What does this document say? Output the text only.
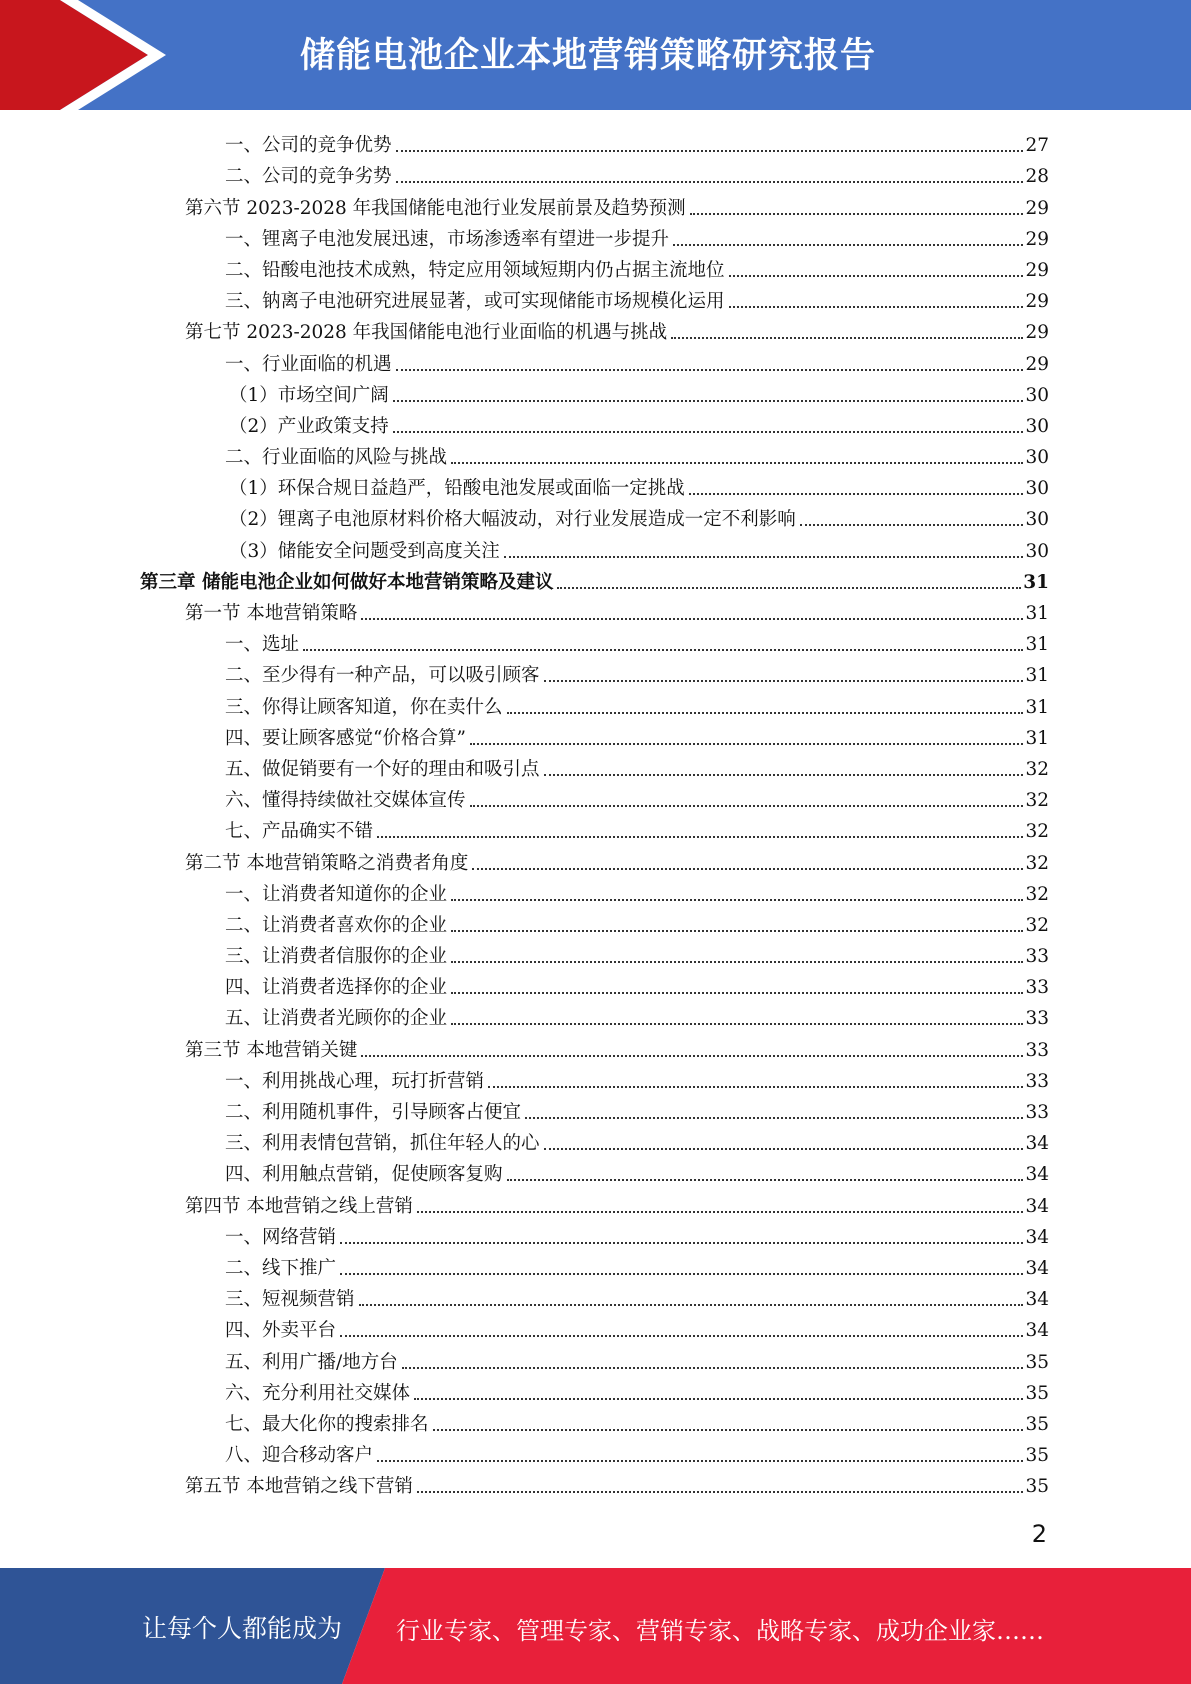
储能电池企业本地营销策略研究报告
一、公司的竞争优势	27
二、公司的竞争劣势	28
第六节 2023-2028 年我国储能电池行业发展前景及趋势预测	29
一、锂离子电池发展迅速，市场渗透率有望进一步提升	29
二、铅酸电池技术成熟，特定应用领域短期内仍占据主流地位	29
三、钠离子电池研究进展显著，或可实现储能市场规模化运用	29
第七节 2023-2028 年我国储能电池行业面临的机遇与挑战	29
一、行业面临的机遇	29
（1）市场空间广阔	30
（2）产业政策支持	30
二、行业面临的风险与挑战	30
（1）环保合规日益趋严，铅酸电池发展或面临一定挑战	30
（2）锂离子电池原材料价格大幅波动，对行业发展造成一定不利影响	30
（3）储能安全问题受到高度关注	30
第三章 储能电池企业如何做好本地营销策略及建议	31
第一节 本地营销策略	31
一、选址	31
二、至少得有一种产品，可以吸引顾客	31
三、你得让顾客知道，你在卖什么	31
四、要让顾客感觉“价格合算”	31
五、做促销要有一个好的理由和吸引点	32
六、懂得持续做社交媒体宣传	32
七、产品确实不错	32
第二节 本地营销策略之消费者角度	32
一、让消费者知道你的企业	32
二、让消费者喜欢你的企业	32
三、让消费者信服你的企业	33
四、让消费者选择你的企业	33
五、让消费者光顾你的企业	33
第三节 本地营销关键	33
一、利用挑战心理，玩打折营销	33
二、利用随机事件，引导顾客占便宜	33
三、利用表情包营销，抓住年轻人的心	34
四、利用触点营销，促使顾客复购	34
第四节 本地营销之线上营销	34
一、网络营销	34
二、线下推广	34
三、短视频营销	34
四、外卖平台	34
五、利用广播/地方台	35
六、充分利用社交媒体	35
七、最大化你的搜索排名	35
八、迎合移动客户	35
第五节 本地营销之线下营销	35
2
让每个人都能成为 行业专家、管理专家、营销专家、战略专家、成功企业家……
